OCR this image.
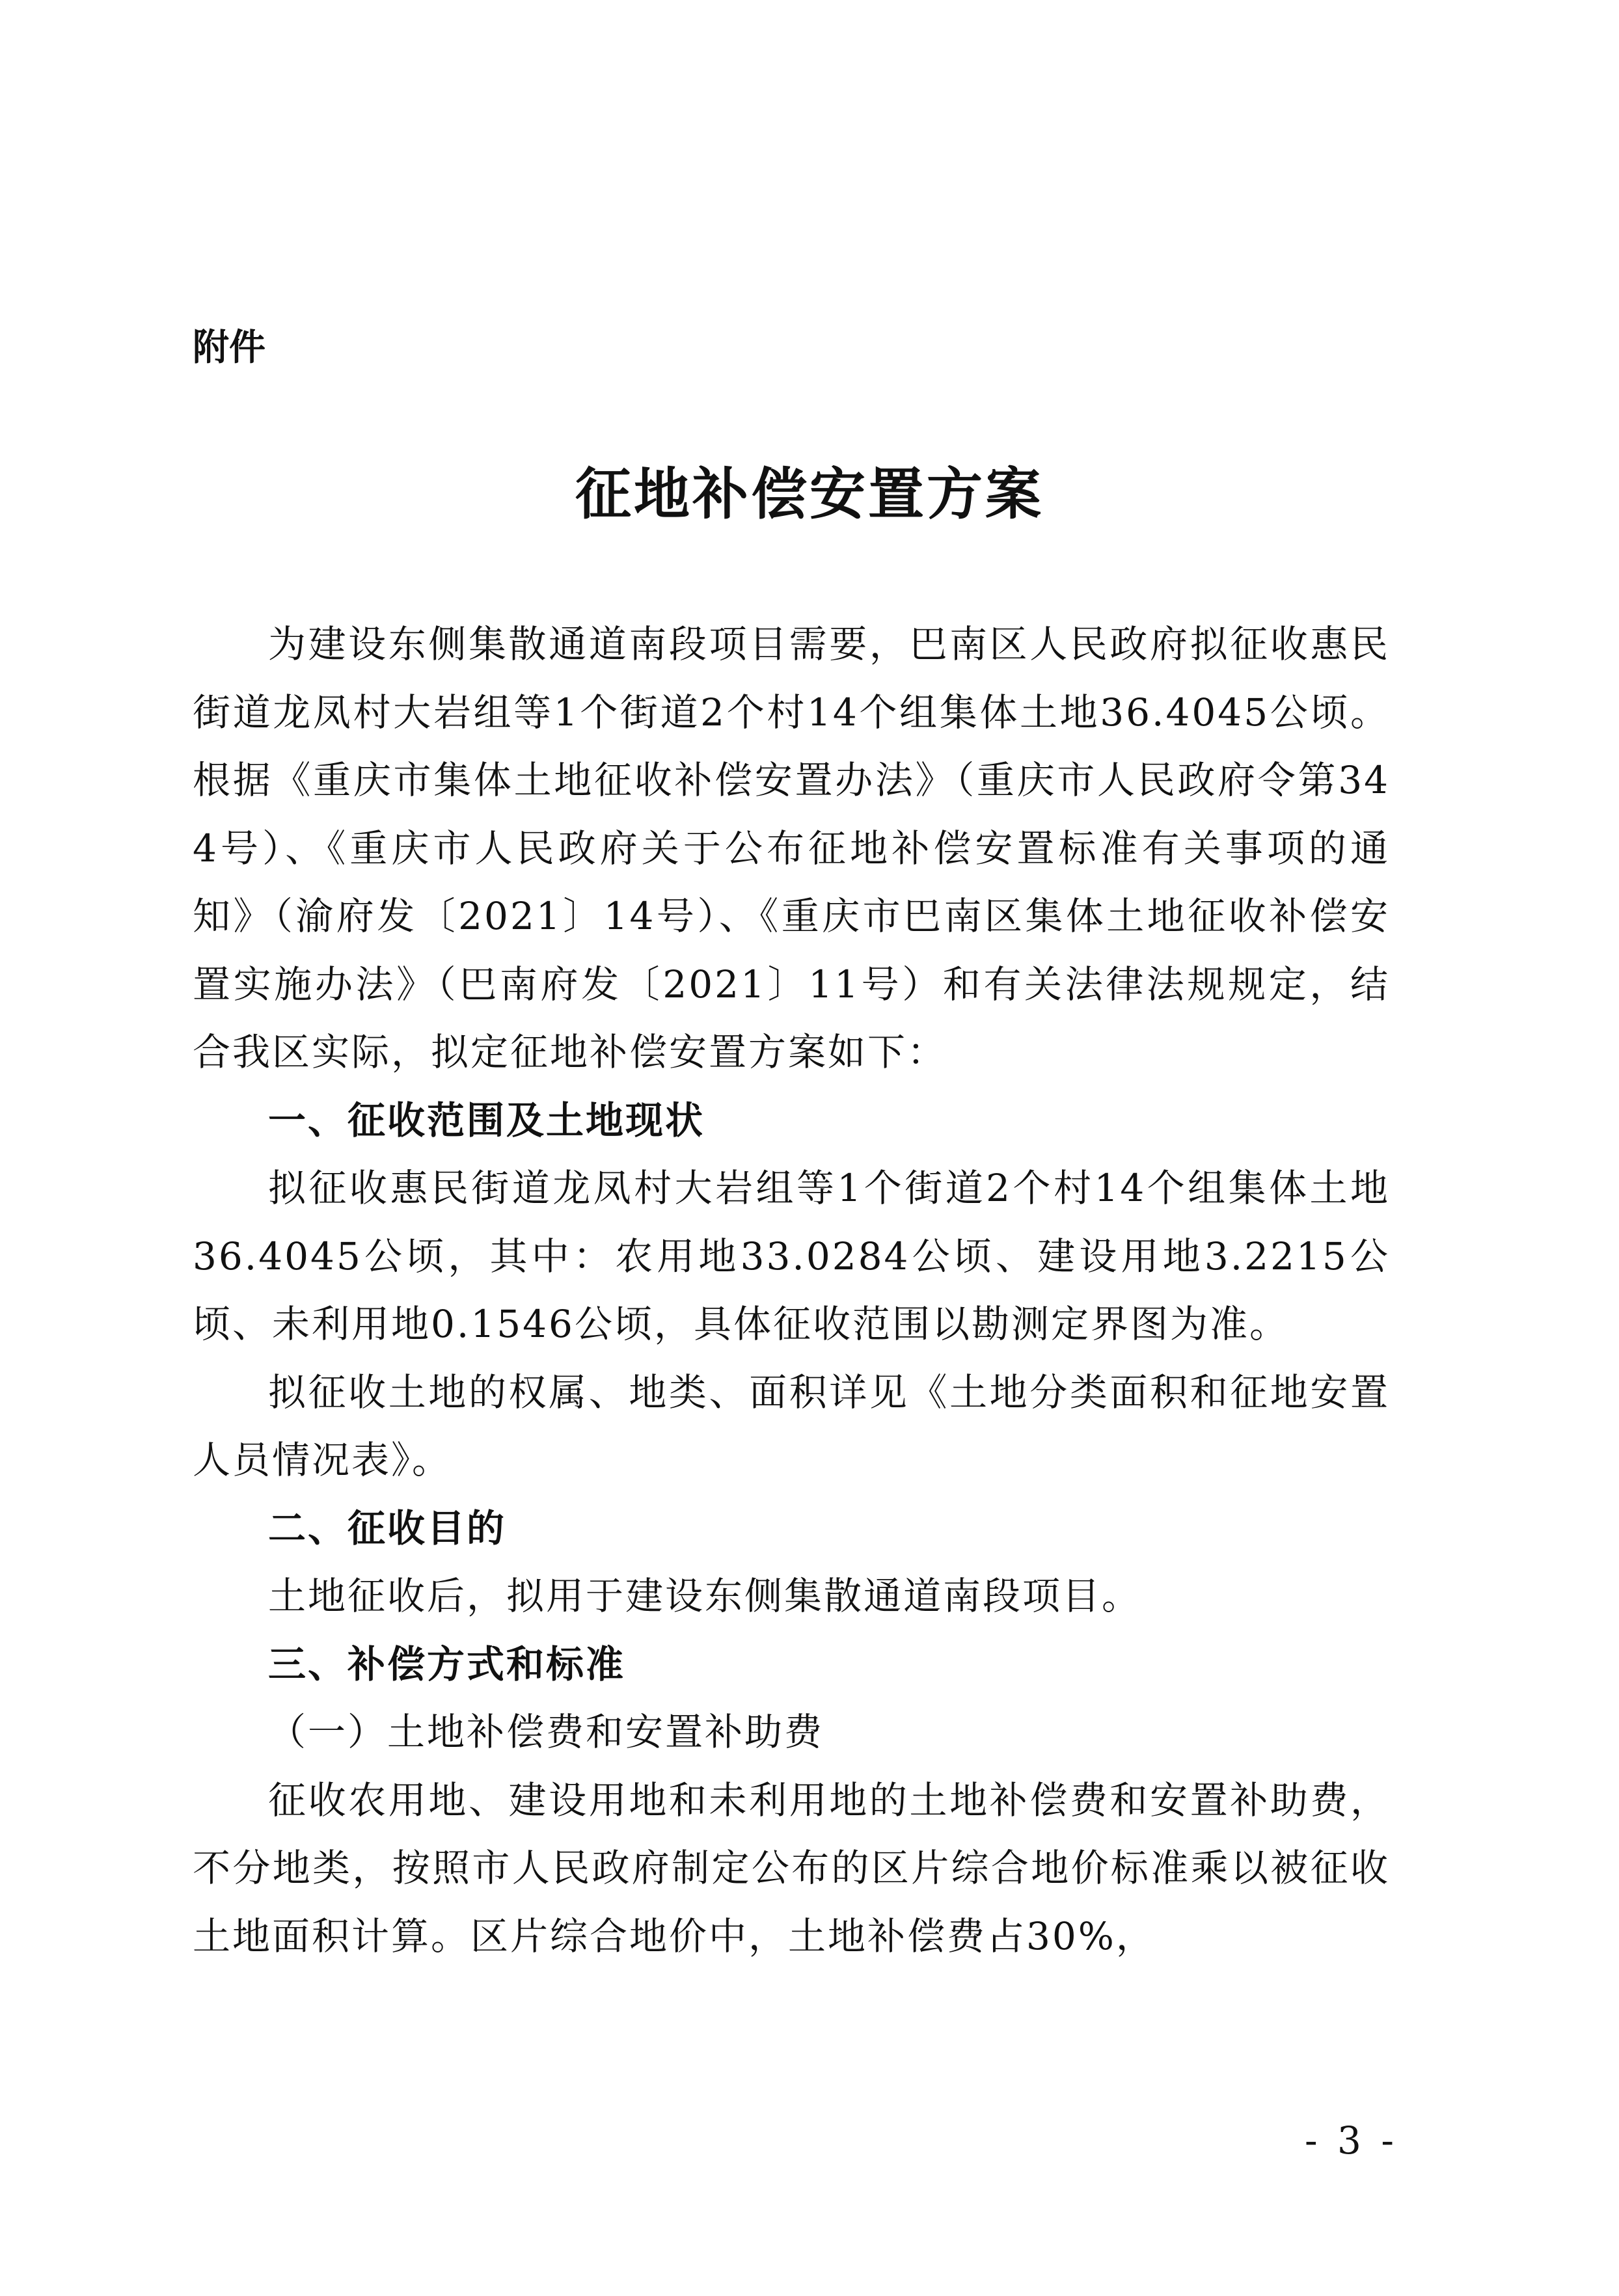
附件
征地补偿安置方案

为建设东侧集散通道南段项目需要，巴南区人民政府拟征收惠民街道龙凤村大岩组等1个街道2个村14个组集体土地36.4045公顷。根据《重庆市集体土地征收补偿安置办法》（重庆市人民政府令第344号）、《重庆市人民政府关于公布征地补偿安置标准有关事项的通知》（渝府发〔2021〕14号）、《重庆市巴南区集体土地征收补偿安置实施办法》（巴南府发〔2021〕11号）和有关法律法规规定，结合我区实际，拟定征地补偿安置方案如下：

一、征收范围及土地现状

拟征收惠民街道龙凤村大岩组等1个街道2个村14个组集体土地36.4045公顷，其中：农用地33.0284公顷、建设用地3.2215公顷、未利用地0.1546公顷，具体征收范围以勘测定界图为准。

拟征收土地的权属、地类、面积详见《土地分类面积和征地安置人员情况表》。

二、征收目的

土地征收后，拟用于建设东侧集散通道南段项目。

三、补偿方式和标准

（一）土地补偿费和安置补助费

征收农用地、建设用地和未利用地的土地补偿费和安置补助费，不分地类，按照市人民政府制定公布的区片综合地价标准乘以被征收土地面积计算。区片综合地价中，土地补偿费占30%，

- 3 -
